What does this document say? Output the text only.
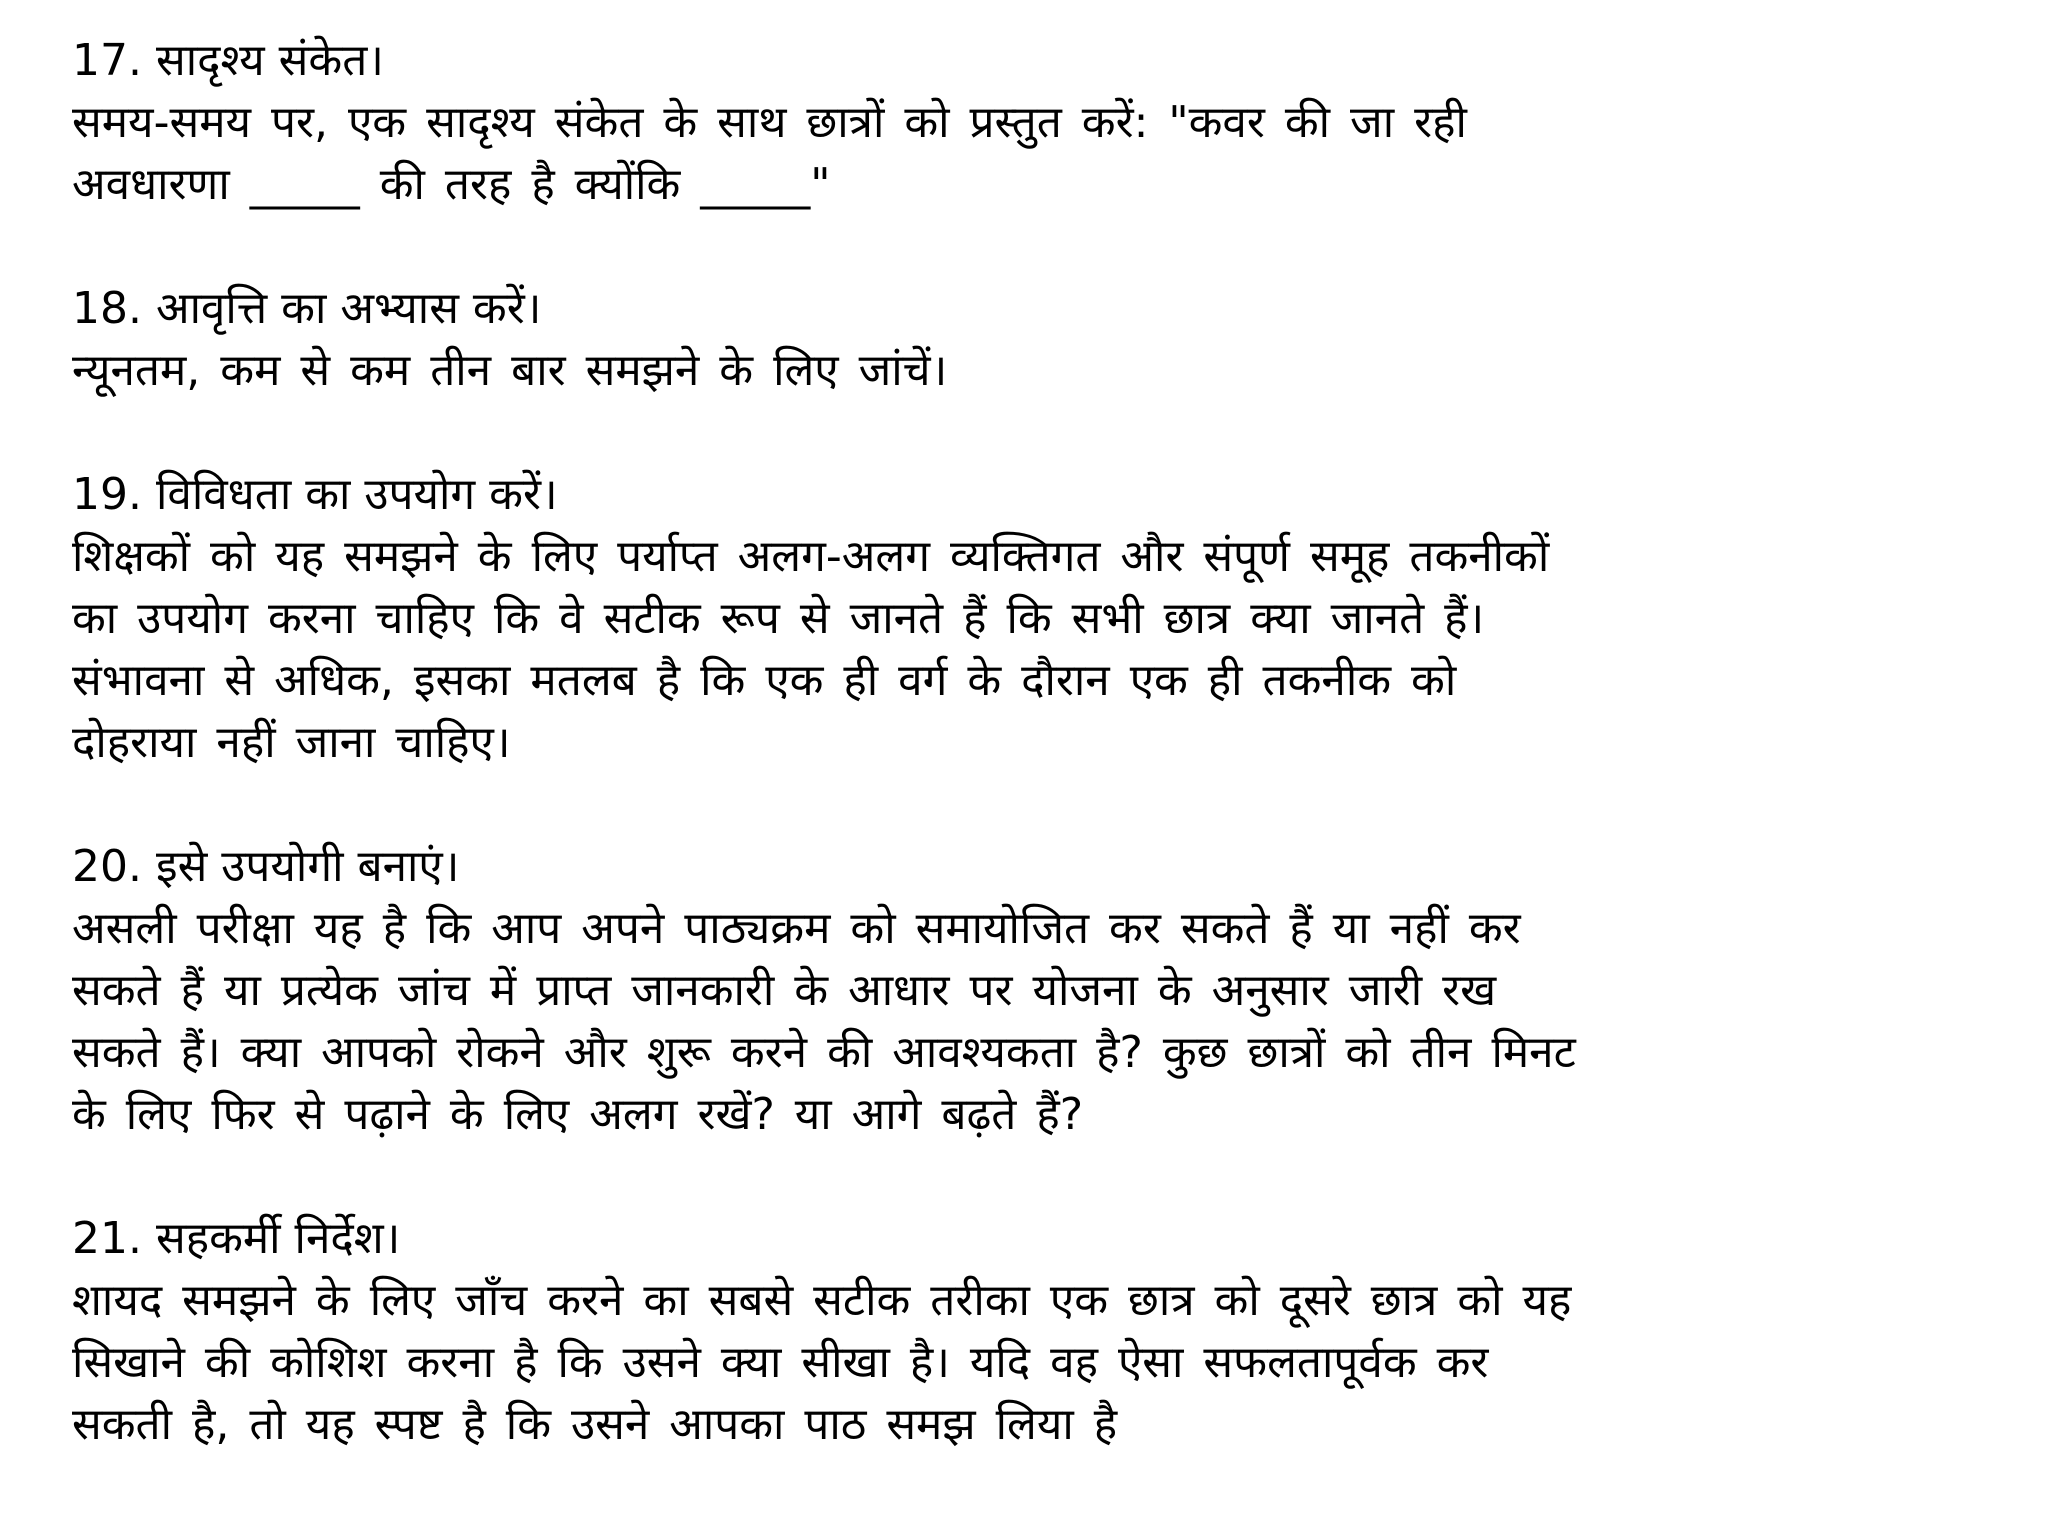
17. सादृश्य संकेत।
समय-समय पर, एक सादृश्य संकेत के साथ छात्रों को प्रस्तुत करें: "कवर की जा रही
अवधारणा _____ की तरह है क्योंकि _____"
18. आवृत्ति का अभ्यास करें।
न्यूनतम, कम से कम तीन बार समझने के लिए जांचें।
19. विविधता का उपयोग करें।
शिक्षकों को यह समझने के लिए पर्याप्त अलग-अलग व्यक्तिगत और संपूर्ण समूह तकनीकों
का उपयोग करना चाहिए कि वे सटीक रूप से जानते हैं कि सभी छात्र क्या जानते हैं।
संभावना से अधिक, इसका मतलब है कि एक ही वर्ग के दौरान एक ही तकनीक को
दोहराया नहीं जाना चाहिए।
20. इसे उपयोगी बनाएं।
असली परीक्षा यह है कि आप अपने पाठ्यक्रम को समायोजित कर सकते हैं या नहीं कर
सकते हैं या प्रत्येक जांच में प्राप्त जानकारी के आधार पर योजना के अनुसार जारी रख
सकते हैं। क्या आपको रोकने और शुरू करने की आवश्यकता है? कुछ छात्रों को तीन मिनट
के लिए फिर से पढ़ाने के लिए अलग रखें? या आगे बढ़ते हैं?
21. सहकर्मी निर्देश।
शायद समझने के लिए जाँच करने का सबसे सटीक तरीका एक छात्र को दूसरे छात्र को यह
सिखाने की कोशिश करना है कि उसने क्या सीखा है। यदि वह ऐसा सफलतापूर्वक कर
सकती है, तो यह स्पष्ट है कि उसने आपका पाठ समझ लिया है
